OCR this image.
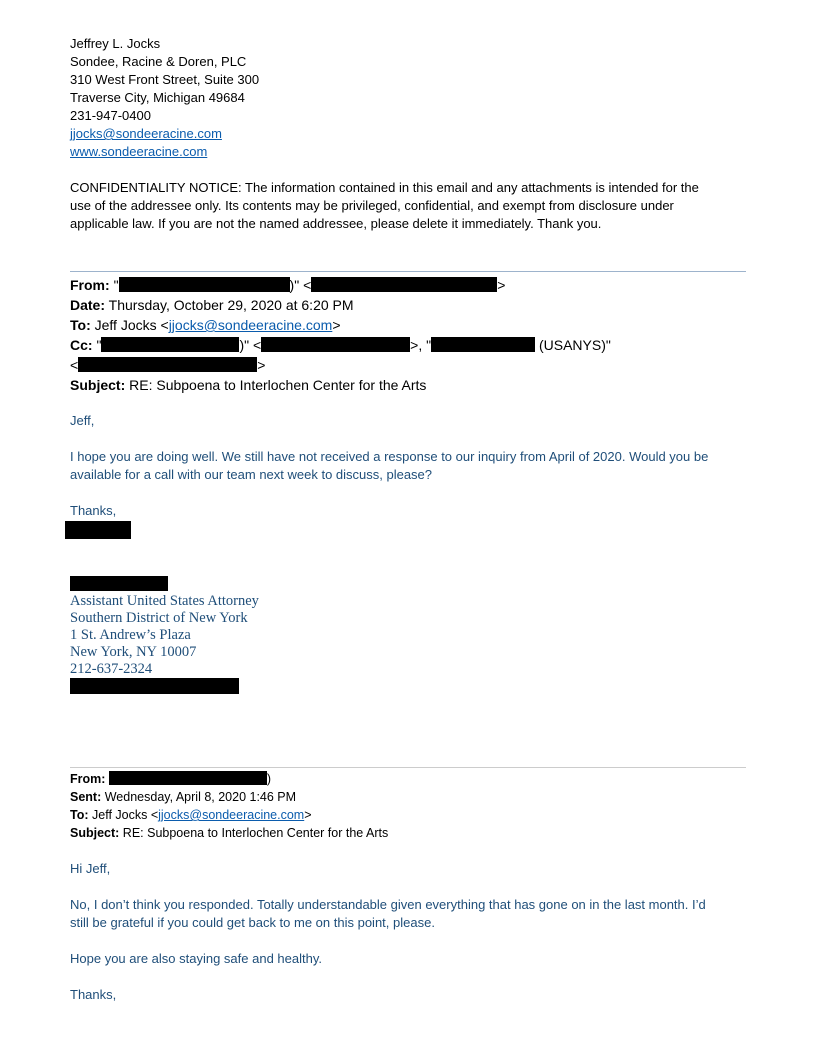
Jeffrey L. Jocks
Sondee, Racine & Doren, PLC
310 West Front Street, Suite 300
Traverse City, Michigan 49684
231-947-0400
jjocks@sondeeracine.com
www.sondeeracine.com
CONFIDENTIALITY NOTICE: The information contained in this email and any attachments is intended for the
use of the addressee only. Its contents may be privileged, confidential, and exempt from disclosure under
applicable law. If you are not the named addressee, please delete it immediately. Thank you.
From: "	)" <	>
Date: Thursday, October 29, 2020 at 6:20 PM
To: Jeff Jocks <jjocks@sondeeracine.com>
Cc: "	)" <	>, "	(USANYS)"
<	>
Subject: RE: Subpoena to Interlochen Center for the Arts
Jeff,
I hope you are doing well. We still have not received a response to our inquiry from April of 2020. Would you be
available for a call with our team next week to discuss, please?
Thanks,
Assistant United States Attorney
Southern District of New York
1 St. Andrew’s Plaza
New York, NY 10007
212-637-2324
From:	)
Sent: Wednesday, April 8, 2020 1:46 PM
To: Jeff Jocks <jjocks@sondeeracine.com>
Subject: RE: Subpoena to Interlochen Center for the Arts
Hi Jeff,
No, I don’t think you responded. Totally understandable given everything that has gone on in the last month. I’d
still be grateful if you could get back to me on this point, please.
Hope you are also staying safe and healthy.
Thanks,
